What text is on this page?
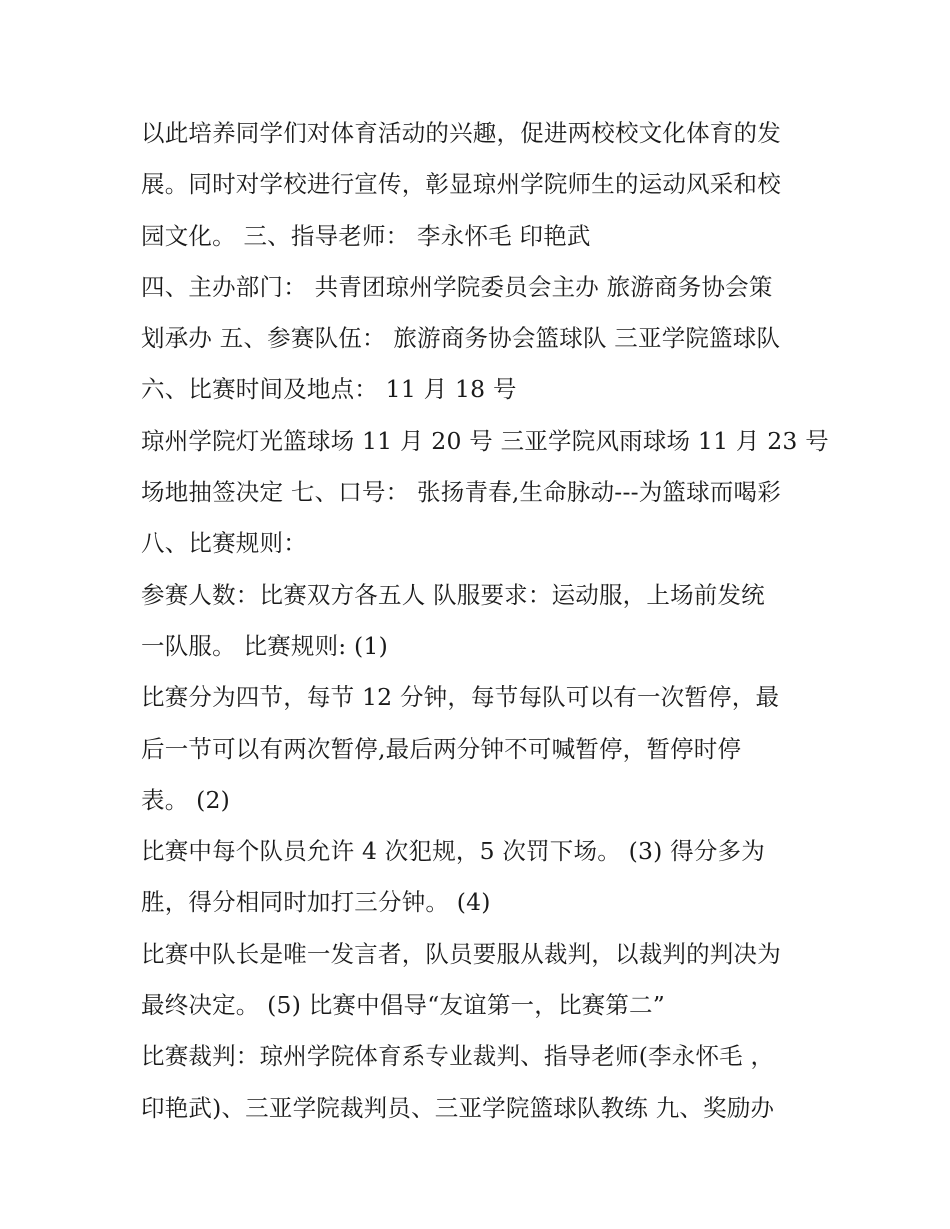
以此培养同学们对体育活动的兴趣，促进两校校文化体育的发
展。同时对学校进行宣传，彰显琼州学院师生的运动风采和校
园文化。 三、指导老师： 李永怀毛 印艳武
四、主办部门： 共青团琼州学院委员会主办 旅游商务协会策
划承办 五、参赛队伍： 旅游商务协会篮球队 三亚学院篮球队
六、比赛时间及地点： 11 月 18 号
琼州学院灯光篮球场 11 月 20 号 三亚学院风雨球场 11 月 23 号
场地抽签决定 七、口号： 张扬青春,生命脉动---为篮球而喝彩
八、比赛规则：
参赛人数：比赛双方各五人 队服要求：运动服，上场前发统
一队服。 比赛规则: (1)
比赛分为四节，每节 12 分钟，每节每队可以有一次暂停，最
后一节可以有两次暂停,最后两分钟不可喊暂停，暂停时停
表。 (2)
比赛中每个队员允许 4 次犯规，5 次罚下场。 (3) 得分多为
胜，得分相同时加打三分钟。 (4)
比赛中队长是唯一发言者，队员要服从裁判，以裁判的判决为
最终决定。 (5) 比赛中倡导“友谊第一，比赛第二”
比赛裁判：琼州学院体育系专业裁判、指导老师(李永怀毛 ，
印艳武)、三亚学院裁判员、三亚学院篮球队教练 九、奖励办
